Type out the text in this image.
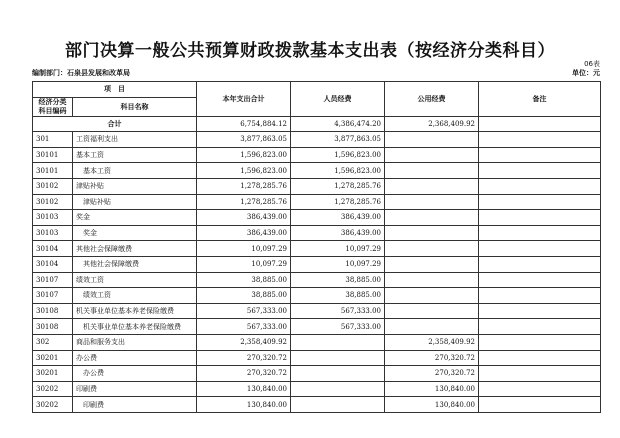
部门决算一般公共预算财政拨款基本支出表（按经济分类科目）
06表
编制部门：石泉县发展和改革局	单位：元
项　目		本年支出合计	人员经费	公用经费	备注
经济分类科目编码	科目名称				
合计		6,754,884.12	4,386,474.20	2,368,409.92	
301	工资福利支出	3,877,863.05	3,877,863.05		
30101	基本工资	1,596,823.00	1,596,823.00		
30101	基本工资	1,596,823.00	1,596,823.00		
30102	津贴补贴	1,278,285.76	1,278,285.76		
30102	津贴补贴	1,278,285.76	1,278,285.76		
30103	奖金	386,439.00	386,439.00		
30103	奖金	386,439.00	386,439.00		
30104	其他社会保障缴费	10,097.29	10,097.29		
30104	其他社会保障缴费	10,097.29	10,097.29		
30107	绩效工资	38,885.00	38,885.00		
30107	绩效工资	38,885.00	38,885.00		
30108	机关事业单位基本养老保险缴费	567,333.00	567,333.00		
30108	机关事业单位基本养老保险缴费	567,333.00	567,333.00		
302	商品和服务支出	2,358,409.92		2,358,409.92	
30201	办公费	270,320.72		270,320.72	
30201	办公费	270,320.72		270,320.72	
30202	印刷费	130,840.00		130,840.00	
30202	印刷费	130,840.00		130,840.00	
